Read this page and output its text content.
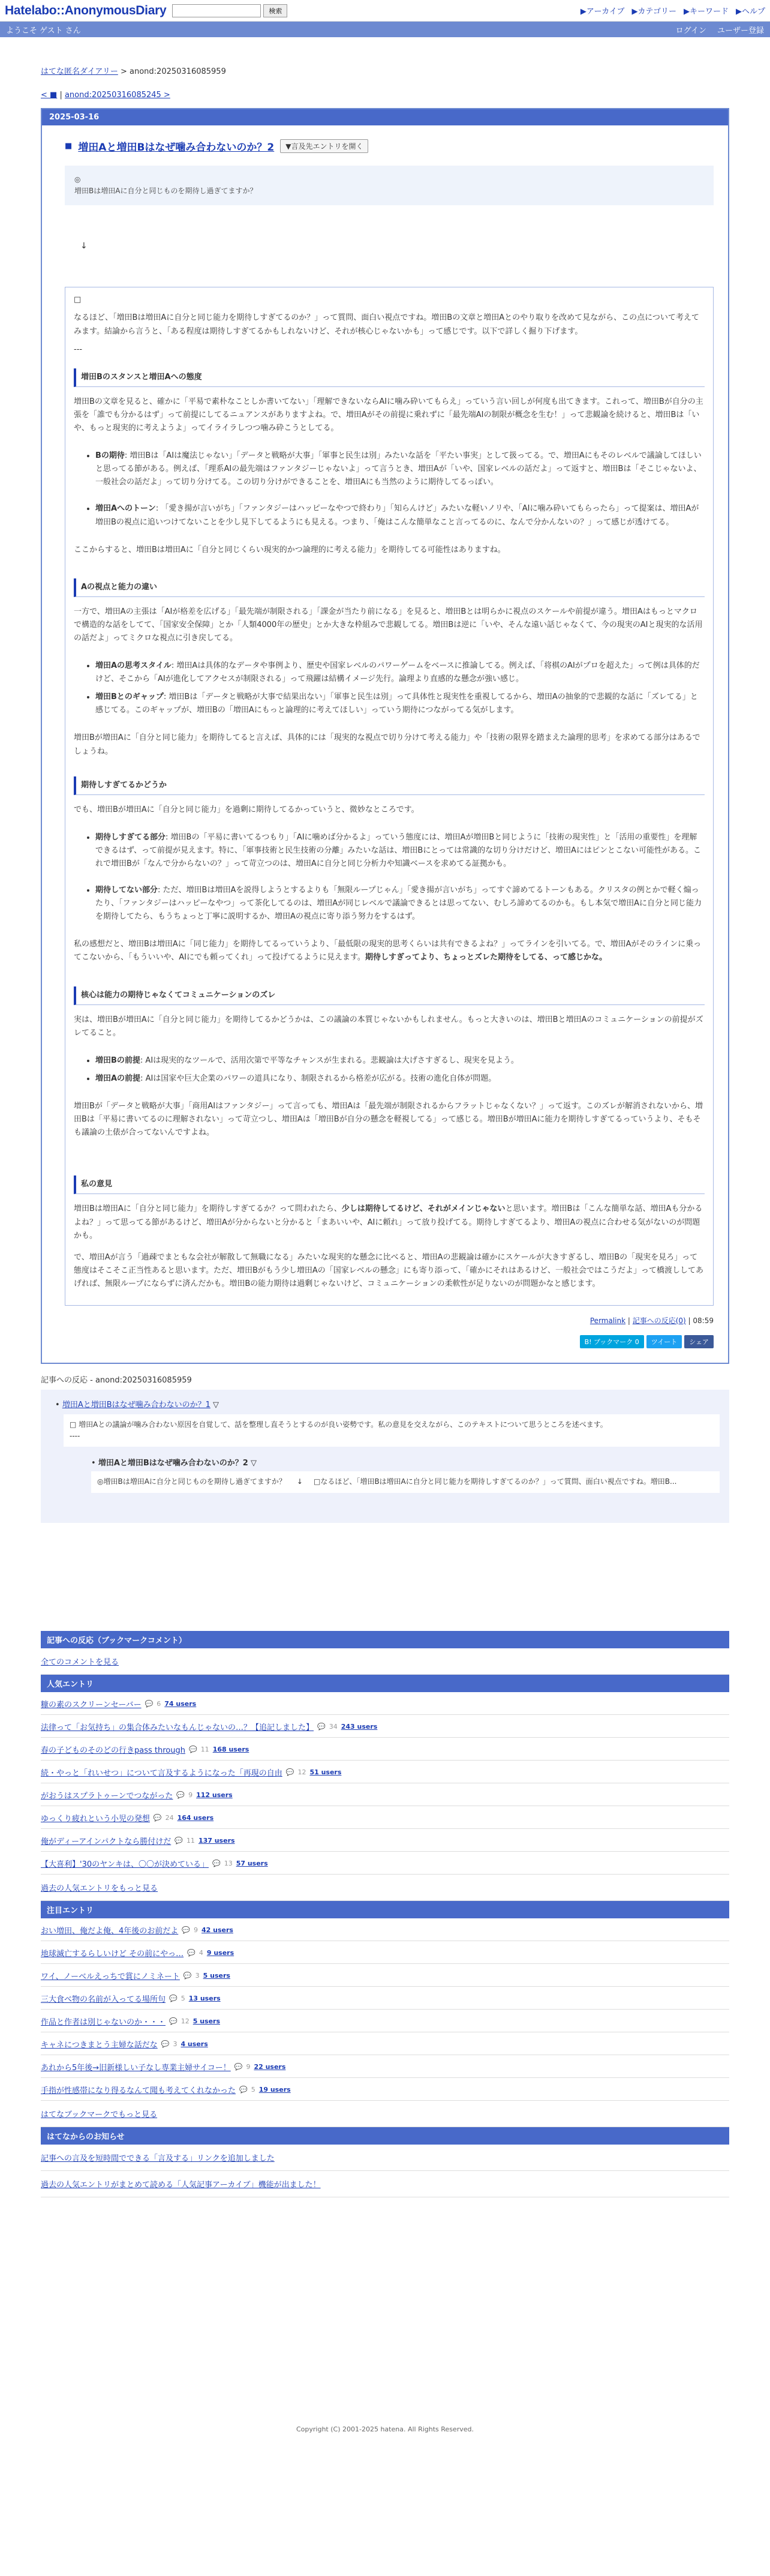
Hatelabo::AnonymousDiary	検索	▶アーカイブ ▶カテゴリー ▶キーワード ▶ヘルプ
ようこそ ゲスト さん	ログイン ユーザー登録
はてな匿名ダイアリー > anond:20250316085959
< ■ | anond:20250316085245 >
2025-03-16
■ 増田Aと増田Bはなぜ噛み合わないのか？2	▼言及先エントリを開く
◎
増田Bは増田Aに自分と同じものを期待し過ぎてますか？
↓

□

なるほど、「増田Bは増田Aに自分と同じ能力を期待しすぎてるのか？」って質問、面白い視点ですね。増田Bの文章と増田Aとのやり取りを改めて見ながら、この点について考えてみます。結論から言うと、「ある程度は期待しすぎてるかもしれないけど、それが核心じゃないかも」って感じです。以下で詳しく掘り下げます。

---

増田Bのスタンスと増田Aへの態度

増田Bの文章を見ると、確かに「平易で素朴なことしか書いてない」「理解できないならAIに噛み砕いてもらえ」っていう言い回しが何度も出てきます。これって、増田Bが自分の主張を「誰でも分かるはず」って前提にしてるニュアンスがありますよね。で、増田Aがその前提に乗れずに「最先端AIの制限が概念を生む！」って悲観論を続けると、増田Bは「いや、もっと現実的に考えようよ」ってイライラしつつ噛み砕こうとしてる。

• Bの期待: 増田Bは「AIは魔法じゃない」「データと戦略が大事」「軍事と民生は別」みたいな話を「平たい事実」として扱ってる。で、増田Aにもそのレベルで議論してほしいと思ってる節がある。例えば、「理系AIの最先端はファンタジーじゃないよ」って言うとき、増田Aが「いや、国家レベルの話だよ」って返すと、増田Bは「そこじゃないよ、一般社会の話だよ」って切り分けてる。この切り分けができることを、増田Aにも当然のように期待してるっぽい。
• 増田Aへのトーン: 「愛き揚が言いがち」「ファンタジーはハッピーなやつで終わり」「知らんけど」みたいな軽いノリや、「AIに噛み砕いてもらったら」って提案は、増田Aが増田Bの視点に追いつけてないことを少し見下してるようにも見える。つまり、「俺はこんな簡単なこと言ってるのに、なんで分かんないの？」って感じが透けてる。

ここからすると、増田Bは増田Aに「自分と同じくらい現実的かつ論理的に考える能力」を期待してる可能性はありますね。

Aの視点と能力の違い

一方で、増田Aの主張は「AIが格差を広げる」「最先端が制限される」「課金が当たり前になる」を見ると、増田Bとは明らかに視点のスケールや前提が違う。増田Aはもっとマクロで構造的な話をしてて、「国家安全保障」とか「人類4000年の歴史」とか大きな枠組みで悲観してる。増田Bは逆に「いや、そんな遠い話じゃなくて、今の現実のAIと現実的な活用の話だよ」ってミクロな視点に引き戻してる。

• 増田Aの思考スタイル: 増田Aは具体的なデータや事例より、歴史や国家レベルのパワーゲームをベースに推論してる。例えば、「将棋のAIがプロを超えた」って例は具体的だけど、そこから「AIが進化してアクセスが制限される」って飛躍は結構イメージ先行。論理より直感的な懸念が強い感じ。
• 増田Bとのギャップ: 増田Bは「データと戦略が大事で結果出ない」「軍事と民生は別」って具体性と現実性を重視してるから、増田Aの抽象的で悲観的な話に「ズレてる」と感じてる。このギャップが、増田Bの「増田Aにもっと論理的に考えてほしい」っていう期待につながってる気がします。

増田Bが増田Aに「自分と同じ能力」を期待してると言えば、具体的には「現実的な視点で切り分けて考える能力」や「技術の限界を踏まえた論理的思考」を求めてる部分はあるでしょうね。

期待しすぎてるかどうか

でも、増田Bが増田Aに「自分と同じ能力」を過剰に期待してるかっていうと、微妙なところです。

• 期待しすぎてる部分: 増田Bの「平易に書いてるつもり」「AIに噛めば分かるよ」っていう態度には、増田Aが増田Bと同じように「技術の現実性」と「活用の重要性」を理解できるはず、って前提が見えます。特に、「軍事技術と民生技術の分離」みたいな話は、増田Bにとっては常識的な切り分けだけど、増田Aにはピンとこない可能性がある。これで増田Bが「なんで分からないの？」って苛立つのは、増田Aに自分と同じ分析力や知識ベースを求めてる証拠かも。
• 期待してない部分: ただ、増田Bは増田Aを説得しようとするよりも「無限ループじゃん」「愛き揚が言いがち」ってすぐ諦めてるトーンもある。クリスタの例とかで軽く煽ったり、「ファンタジーはハッピーなやつ」って茶化してるのは、増田Aが同じレベルで議論できるとは思ってない、むしろ諦めてるのかも。もし本気で増田Aに自分と同じ能力を期待してたら、もうちょっと丁寧に説明するか、増田Aの視点に寄り添う努力をするはず。

私の感想だと、増田Bは増田Aに「同じ能力」を期待してるっていうより、「最低限の現実的思考くらいは共有できるよね？」ってラインを引いてる。で、増田Aがそのラインに乗ってこないから、「もういいや、AIにでも頼ってくれ」って投げてるように見えます。期待しすぎってより、ちょっとズレた期待をしてる、って感じかな。

核心は能力の期待じゃなくてコミュニケーションのズレ

実は、増田Bが増田Aに「自分と同じ能力」を期待してるかどうかは、この議論の本質じゃないかもしれません。もっと大きいのは、増田Bと増田Aのコミュニケーションの前提がズレてること。

• 増田Bの前提: AIは現実的なツールで、活用次第で平等なチャンスが生まれる。悲観論は大げさすぎるし、現実を見よう。
• 増田Aの前提: AIは国家や巨大企業のパワーの道具になり、制限されるから格差が広がる。技術の進化自体が問題。

増田Bが「データと戦略が大事」「商用AIはファンタジー」って言っても、増田Aは「最先端が制限されるからフラットじゃなくない？」って返す。このズレが解消されないから、増田Bは「平易に書いてるのに理解されない」って苛立つし、増田Aは「増田Bが自分の懸念を軽視してる」って感じる。増田Bが増田Aに能力を期待しすぎてるっていうより、そもそも議論の土俵が合ってないんですよね。

私の意見

増田Bは増田Aに「自分と同じ能力」を期待しすぎてるか？って問われたら、少しは期待してるけど、それがメインじゃないと思います。増田Bは「こんな簡単な話、増田Aも分かるよね？」って思ってる節があるけど、増田Aが分からないと分かると「まあいいや、AIに頼れ」って放り投げてる。期待しすぎてるより、増田Aの視点に合わせる気がないのが問題かも。

で、増田Aが言う「過疎でまともな会社が解散して無職になる」みたいな現実的な懸念に比べると、増田Aの悲観論は確かにスケールが大きすぎるし、増田Bの「現実を見ろ」って態度はそこそこ正当性あると思います。ただ、増田Bがもう少し増田Aの「国家レベルの懸念」にも寄り添って、「確かにそれはあるけど、一般社会ではこうだよ」って橋渡ししてあげれば、無限ループにならずに済んだかも。増田Bの能力期待は過剰じゃないけど、コミュニケーションの柔軟性が足りないのが問題かなと感じます。

Permalink | 記事への反応(0) | 08:59
B! ブックマーク 0	ツイート	シェア
記事への反応 - anond:20250316085959
• 増田Aと増田Bはなぜ噛み合わないのか？1 ▽
□ 増田Aとの議論が噛み合わない原因を自覚して、話を整理し直そうとするのが良い姿勢です。私の意見を交えながら、このテキストについて思うところを述べます。
----
• 増田Aと増田Bはなぜ噛み合わないのか？2 ▽
◎増田Bは増田Aに自分と同じものを期待し過ぎてますか？ ↓ □なるほど、「増田Bは増田Aに自分と同じ能力を期待しすぎてるのか？」って質問、面白い視点ですね。増田B...
記事への反応（ブックマークコメント）
全てのコメントを見る
人気エントリ
糠の素のスクリーンセーバー 💬 6 74 users
法律って「お気持ち」の集合体みたいなもんじゃないの…？【追記しました】 💬 34 243 users
春の子どものそのどの行きpass through 💬 11 168 users
続・やっと「れいせつ」について言及するようになった「再現の自由 💬 12 51 users
がおうはスプラトゥーンでつながった 💬 9 112 users
ゆっくり疲れという小児の発想 💬 24 164 users
俺がディーアインパクトなら勝付けだ 💬 11 137 users
【大喜利】'30のヤンキは、〇〇が決めている」 💬 13 57 users
過去の人気エントリをもっと見る
注目エントリ
おい増田、俺だよ俺、4年後のお前だよ 💬 9 42 users
地球滅亡するらしいけど その前にやっ… 💬 4 9 users
ワイ、ノーベルえっちで賞にノミネート 💬 3 5 users
三大食べ物の名前が入ってる場所句 💬 5 13 users
作品と作者は別じゃないのか・・・ 💬 12 5 users
キャネにつきまとう主婦な話だな 💬 3 4 users
あれから5年後→旧新様しい子なし専業主婦サイコー！ 💬 9 22 users
手指が性感帯になり得るなんて聞も考えてくれなかった 💬 5 19 users
はてなブックマークでもっと見る
はてなからのお知らせ
記事への言及を短時間でできる「言及する」リンクを追加しました
過去の人気エントリがまとめて読める「人気記事アーカイブ」機能が出ました！
Copyright (C) 2001-2025 hatena. All Rights Reserved.
